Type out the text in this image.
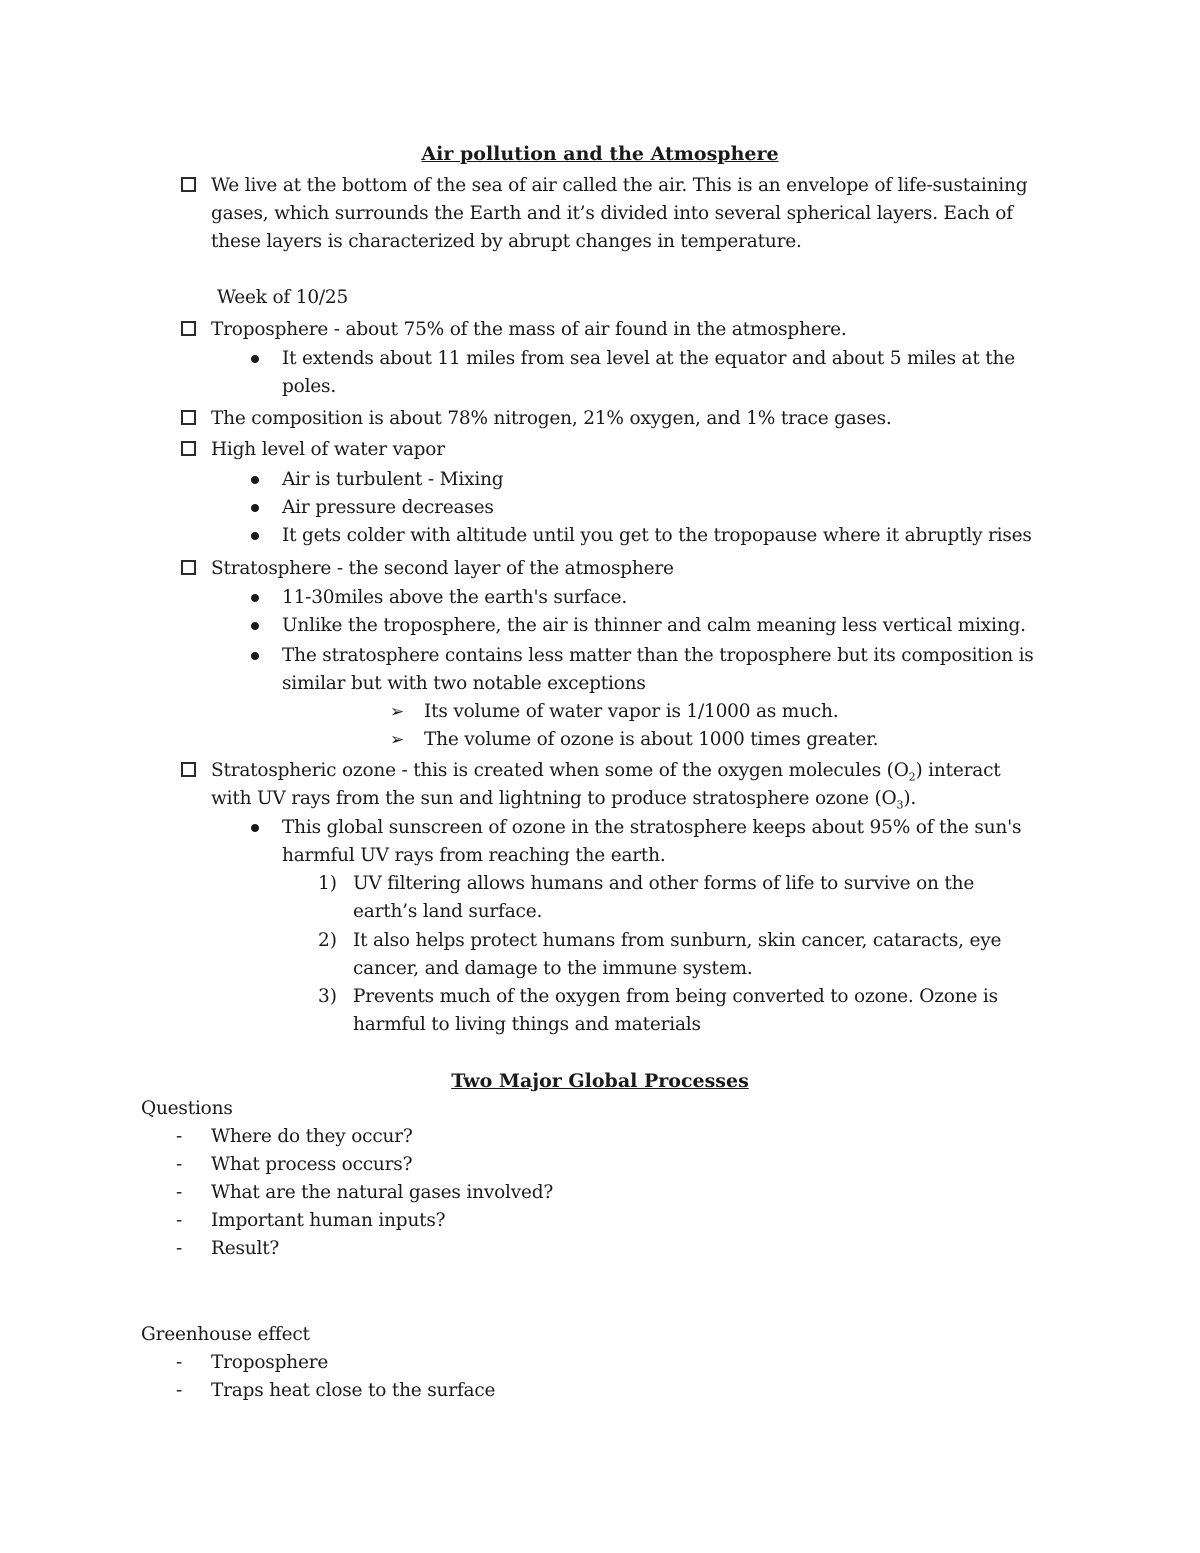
Air pollution and the Atmosphere
We live at the bottom of the sea of air called the air. This is an envelope of life-sustaining
gases, which surrounds the Earth and it’s divided into several spherical layers. Each of
these layers is characterized by abrupt changes in temperature.
Week of 10/25
Troposphere - about 75% of the mass of air found in the atmosphere.
It extends about 11 miles from sea level at the equator and about 5 miles at the
poles.
The composition is about 78% nitrogen, 21% oxygen, and 1% trace gases.
High level of water vapor
Air is turbulent - Mixing
Air pressure decreases
It gets colder with altitude until you get to the tropopause where it abruptly rises
Stratosphere - the second layer of the atmosphere
11-30miles above the earth's surface.
Unlike the troposphere, the air is thinner and calm meaning less vertical mixing.
The stratosphere contains less matter than the troposphere but its composition is
similar but with two notable exceptions
➢ Its volume of water vapor is 1/1000 as much.
➢ The volume of ozone is about 1000 times greater.
Stratospheric ozone - this is created when some of the oxygen molecules $(O_2)$ interact
with UV rays from the sun and lightning to produce stratosphere ozone $(O_3)$.
This global sunscreen of ozone in the stratosphere keeps about 95% of the sun's
harmful UV rays from reaching the earth.
1) UV filtering allows humans and other forms of life to survive on the
earth’s land surface.
2) It also helps protect humans from sunburn, skin cancer, cataracts, eye
cancer, and damage to the immune system.
3) Prevents much of the oxygen from being converted to ozone. Ozone is
harmful to living things and materials
Two Major Global Processes
Questions
- Where do they occur?
- What process occurs?
- What are the natural gases involved?
- Important human inputs?
- Result?
Greenhouse effect
- Troposphere
- Traps heat close to the surface
